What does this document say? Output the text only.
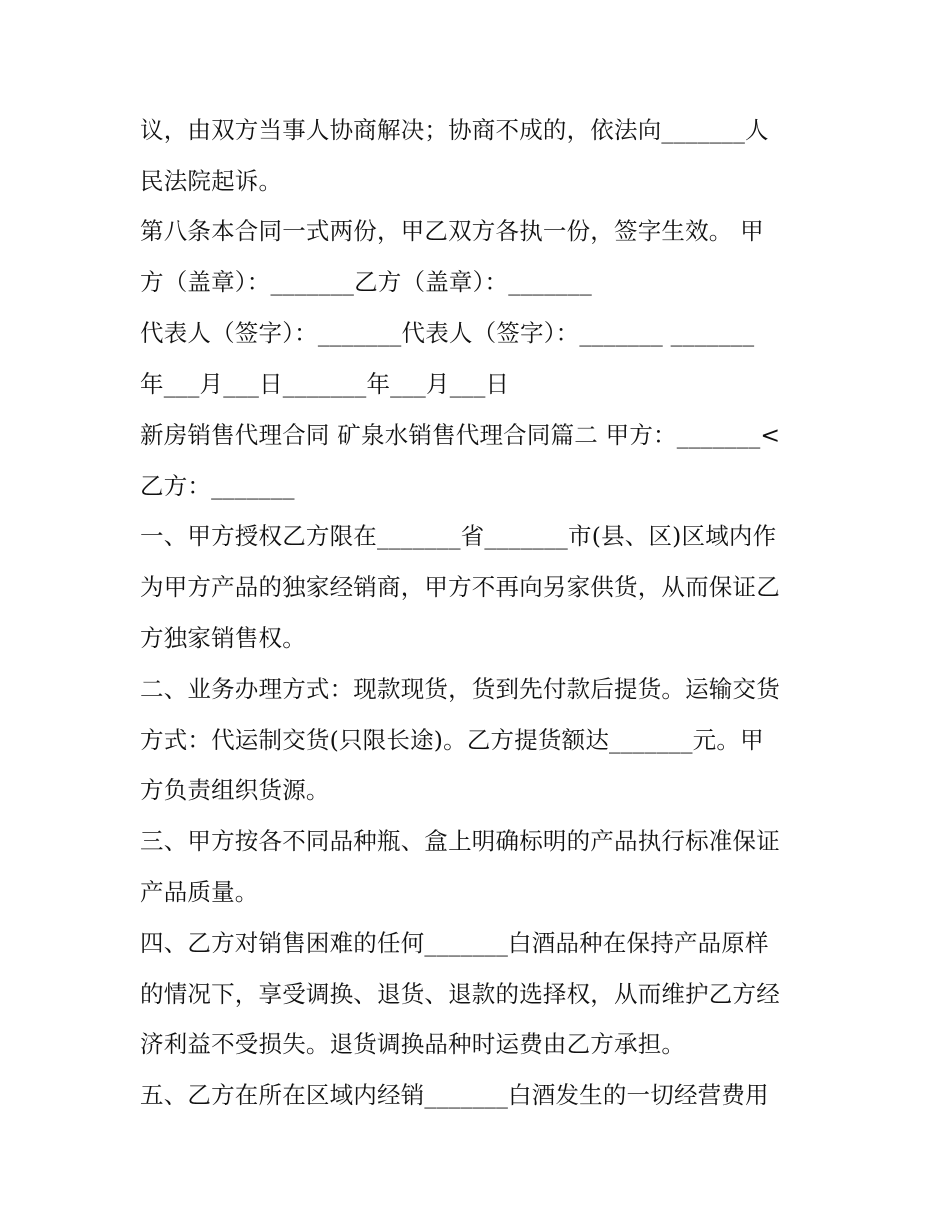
议，由双方当事人协商解决；协商不成的，依法向_______人
民法院起诉。
第八条本合同一式两份，甲乙双方各执一份，签字生效。 甲
方（盖章）：_______乙方（盖章）：_______
代表人（签字）：_______代表人（签字）：_______ _______
年___月___日_______年___月___日
新房销售代理合同 矿泉水销售代理合同篇二 甲方：_______<
乙方：_______
一、甲方授权乙方限在_______省_______市(县、区)区域内作
为甲方产品的独家经销商，甲方不再向另家供货，从而保证乙
方独家销售权。
二、业务办理方式：现款现货，货到先付款后提货。运输交货
方式：代运制交货(只限长途)。乙方提货额达_______元。甲
方负责组织货源。
三、甲方按各不同品种瓶、盒上明确标明的产品执行标准保证
产品质量。
四、乙方对销售困难的任何_______白酒品种在保持产品原样
的情况下，享受调换、退货、退款的选择权，从而维护乙方经
济利益不受损失。退货调换品种时运费由乙方承担。
五、乙方在所在区域内经销_______白酒发生的一切经营费用
